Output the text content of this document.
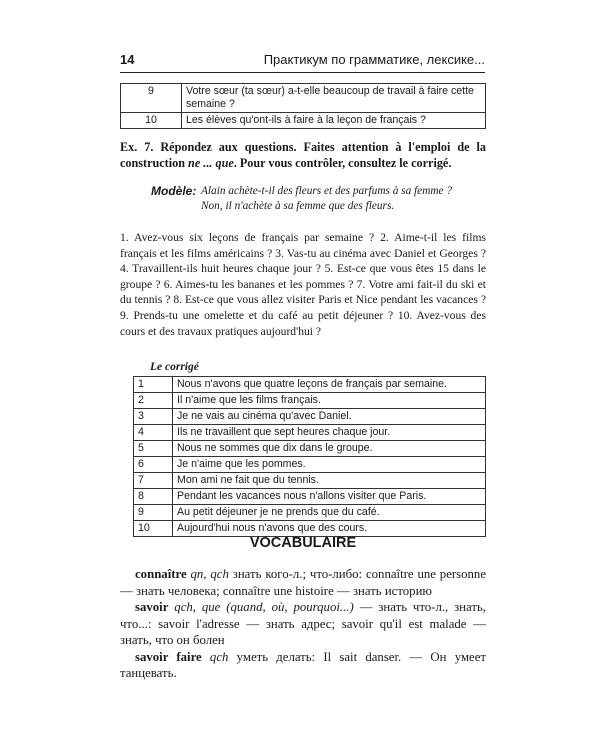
14	Практикум по грамматике, лексике...
9	Votre sœur (ta sœur) a-t-elle beaucoup de travail à faire cette semaine ?
10	Les élèves qu'ont-ils à faire à la leçon de français ?
Ex. 7. Répondez aux questions. Faites attention à l'emploi de la construction ne ... que. Pour vous contrôler, consultez le corrigé.
Modèle: Alain achète-t-il des fleurs et des parfums à sa femme ?
Non, il n'achète à sa femme que des fleurs.
1. Avez-vous six leçons de français par semaine ? 2. Aime-t-il les films français et les films américains ? 3. Vas-tu au cinéma avec Daniel et Georges ? 4. Travaillent-ils huit heures chaque jour ? 5. Est-ce que vous êtes 15 dans le groupe ? 6. Aimes-tu les bananes et les pommes ? 7. Votre ami fait-il du ski et du tennis ? 8. Est-ce que vous allez visiter Paris et Nice pendant les vacances ? 9. Prends-tu une omelette et du café au petit déjeuner ? 10. Avez-vous des cours et des travaux pratiques aujourd'hui ?
Le corrigé
1	Nous n'avons que quatre leçons de français par semaine.
2	Il n'aime que les films français.
3	Je ne vais au cinéma qu'avec Daniel.
4	Ils ne travaillent que sept heures chaque jour.
5	Nous ne sommes que dix dans le groupe.
6	Je n'aime que les pommes.
7	Mon ami ne fait que du tennis.
8	Pendant les vacances nous n'allons visiter que Paris.
9	Au petit déjeuner je ne prends que du café.
10	Aujourd'hui nous n'avons que des cours.
VOCABULAIRE

connaître qn, qch знать кого-л.; что-либо: connaître une personne — знать человека; connaître une histoire — знать историю

savoir qch, que (quand, où, pourquoi...) — знать что-л., знать, что...: savoir l'adresse — знать адрес; savoir qu'il est malade — знать, что он болен

savoir faire qch уметь делать: Il sait danser. — Он умеет танцевать.
